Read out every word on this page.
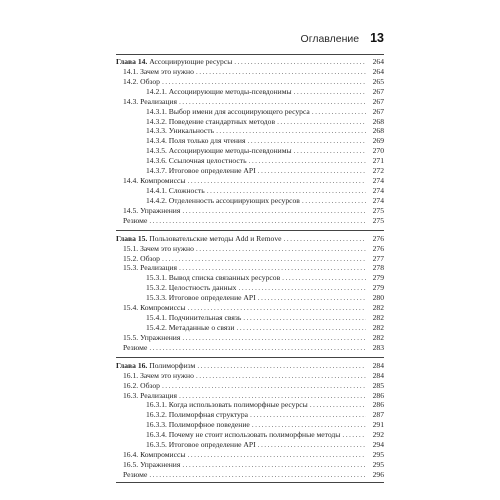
Оглавление 13
Глава 14. Ассоциирующие ресурсы . . .	264
14.1. Зачем это нужно . . .	264
14.2. Обзор . . .	265
14.2.1. Ассоциирующие методы-псевдонимы . . .	267
14.3. Реализация . . .	267
14.3.1. Выбор имени для ассоциирующего ресурса . . .	267
14.3.2. Поведение стандартных методов . . .	268
14.3.3. Уникальность . . .	268
14.3.4. Поля только для чтения . . .	269
14.3.5. Ассоциирующие методы-псевдонимы . . .	270
14.3.6. Ссылочная целостность . . .	271
14.3.7. Итоговое определение API . . .	272
14.4. Компромиссы . . .	274
14.4.1. Сложность . . .	274
14.4.2. Отделенность ассоциирующих ресурсов . . .	274
14.5. Упражнения . . .	275
Резюме . . .	275
Глава 15. Пользовательские методы Add и Remove . . .	276
15.1. Зачем это нужно . . .	276
15.2. Обзор . . .	277
15.3. Реализация . . .	278
15.3.1. Вывод списка связанных ресурсов . . .	279
15.3.2. Целостность данных . . .	279
15.3.3. Итоговое определение API . . .	280
15.4. Компромиссы . . .	282
15.4.1. Подчинительная связь . . .	282
15.4.2. Метаданные о связи . . .	282
15.5. Упражнения . . .	282
Резюме . . .	283
Глава 16. Полиморфизм . . .	284
16.1. Зачем это нужно . . .	284
16.2. Обзор . . .	285
16.3. Реализация . . .	286
16.3.1. Когда использовать полиморфные ресурсы . . .	286
16.3.2. Полиморфная структура . . .	287
16.3.3. Полиморфное поведение . . .	291
16.3.4. Почему не стоит использовать полиморфные методы . . .	292
16.3.5. Итоговое определение API . . .	294
16.4. Компромиссы . . .	295
16.5. Упражнения . . .	295
Резюме . . .	296
